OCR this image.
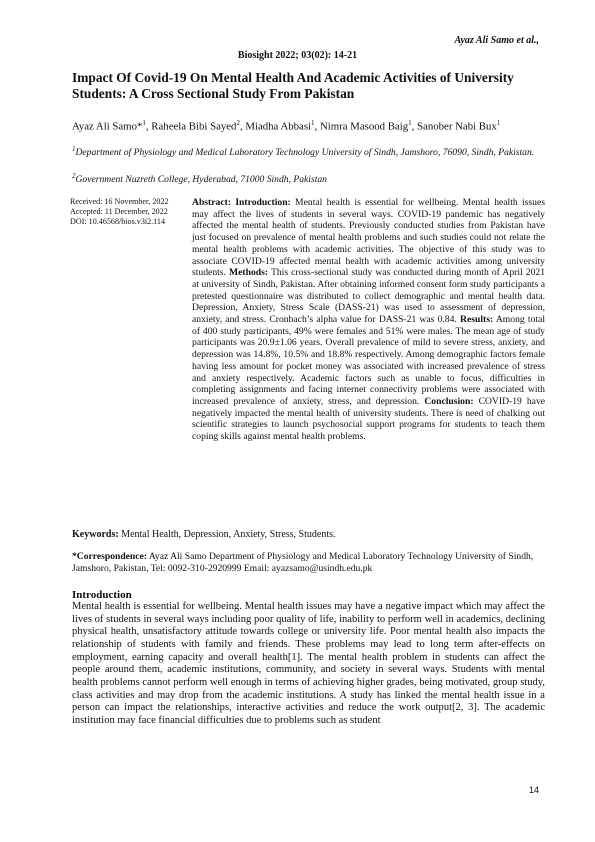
Ayaz Ali Samo et al.,
Biosight 2022; 03(02): 14-21
Impact Of Covid-19 On Mental Health And Academic Activities of University Students: A Cross Sectional Study From Pakistan
Ayaz Ali Samo*$^1$, Raheela Bibi Sayed$^2$, Miadha Abbasi$^1$, Nimra Masood Baig$^1$, Sanober Nabi Bux$^1$
$^1$Department of Physiology and Medical Laboratory Technology University of Sindh, Jamshoro, 76090, Sindh, Pakistan.
$^2$Government Nuzreth College, Hyderabad, 71000 Sindh, Pakistan
Received: 16 November, 2022
Accepted: 11 December, 2022
DOI: 10.46568/bios.v3i2.114
Abstract: Introduction: Mental health is essential for wellbeing. Mental health issues may affect the lives of students in several ways. COVID-19 pandemic has negatively affected the mental health of students. Previously conducted studies from Pakistan have just focused on prevalence of mental health problems and such studies could not relate the mental health problems with academic activities. The objective of this study was to associate COVID-19 affected mental health with academic activities among university students. Methods: This cross-sectional study was conducted during month of April 2021 at university of Sindh, Pakistan. After obtaining informed consent form study participants a pretested questionnaire was distributed to collect demographic and mental health data. Depression, Anxiety, Stress Scale (DASS-21) was used to assessment of depression, anxiety, and stress. Cronbach’s alpha value for DASS-21 was 0.84. Results: Among total of 400 study participants, 49% were females and 51% were males. The mean age of study participants was 20.9±1.06 years. Overall prevalence of mild to severe stress, anxiety, and depression was 14.8%, 10.5% and 18.8% respectively. Among demographic factors female having less amount for pocket money was associated with increased prevalence of stress and anxiety respectively. Academic factors such as unable to focus, difficulties in completing assignments and facing internet connectivity problems were associated with increased prevalence of anxiety, stress, and depression. Conclusion: COVID-19 have negatively impacted the mental health of university students. There is need of chalking out scientific strategies to launch psychosocial support programs for students to teach them coping skills against mental health problems.
Keywords: Mental Health, Depression, Anxiety, Stress, Students.
*Correspondence: Ayaz Ali Samo Department of Physiology and Medical Laboratory Technology University of Sindh, Jamshoro, Pakistan, Tel: 0092-310-2920999 Email: ayazsamo@usindh.edu.pk
Introduction
Mental health is essential for wellbeing. Mental health issues may have a negative impact which may affect the lives of students in several ways including poor quality of life, inability to perform well in academics, declining physical health, unsatisfactory attitude towards college or university life. Poor mental health also impacts the relationship of students with family and friends. These problems may lead to long term after-effects on employment, earning capacity and overall health[1]. The mental health problem in students can affect the people around them, academic institutions, community, and society in several ways. Students with mental health problems cannot perform well enough in terms of achieving higher grades, being motivated, group study, class activities and may drop from the academic institutions. A study has linked the mental health issue in a person can impact the relationships, interactive activities and reduce the work output[2, 3]. The academic institution may face financial difficulties due to problems such as student
14
